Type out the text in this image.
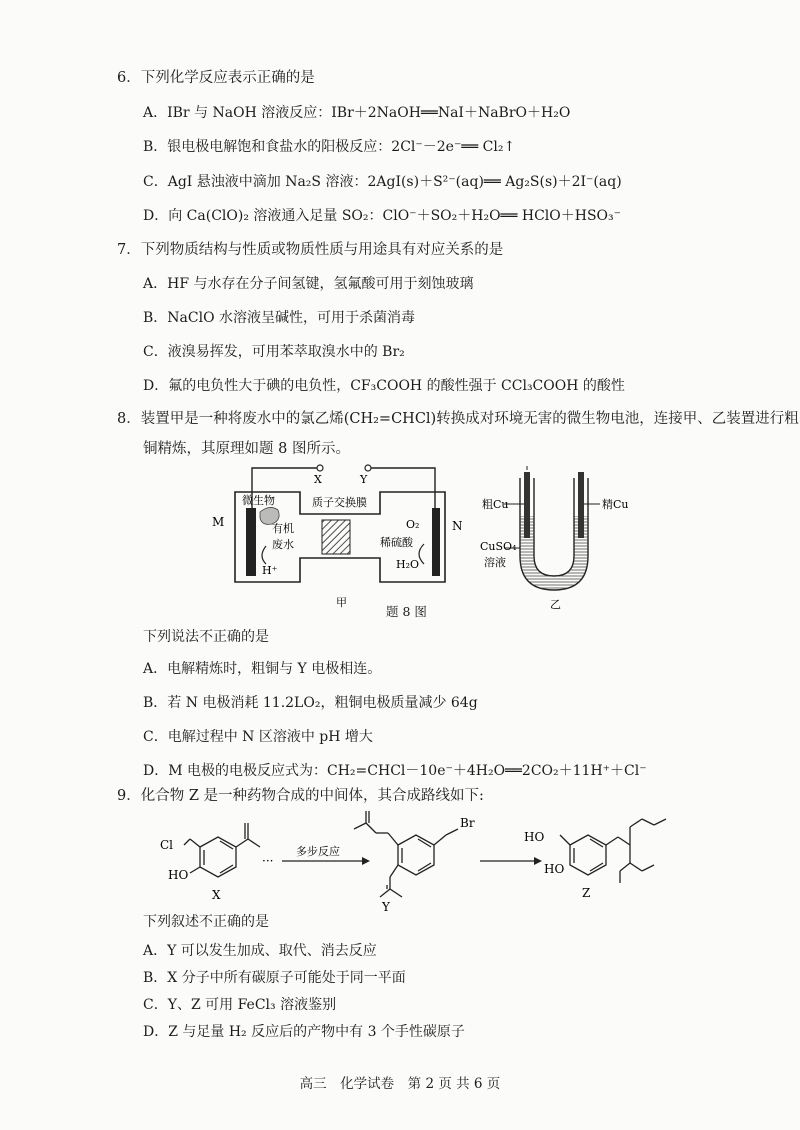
6．下列化学反应表示正确的是
A．IBr 与 NaOH 溶液反应：IBr＋2NaOH══NaI＋NaBrO＋H₂O
B．银电极电解饱和食盐水的阳极反应：2Cl⁻－2e⁻══ Cl₂↑
C．AgI 悬浊液中滴加 Na₂S 溶液：2AgI(s)＋S²⁻(aq)══ Ag₂S(s)＋2I⁻(aq)
D．向 Ca(ClO)₂ 溶液通入足量 SO₂：ClO⁻＋SO₂＋H₂O══ HClO＋HSO₃⁻
7．下列物质结构与性质或物质性质与用途具有对应关系的是
A．HF 与水存在分子间氢键，氢氟酸可用于刻蚀玻璃
B．NaClO 水溶液呈碱性，可用于杀菌消毒
C．液溴易挥发，可用苯萃取溴水中的 Br₂
D．氟的电负性大于碘的电负性，CF₃COOH 的酸性强于 CCl₃COOH 的酸性
8．装置甲是一种将废水中的氯乙烯(CH₂=CHCl)转换成对环境无害的微生物电池，连接甲、乙装置进行粗
铜精炼，其原理如题 8 图所示。
X	Y
微生物
M	N
有机
废水
H⁺
质子交换膜
O₂
稀硫酸
H₂O
甲
题 8 图
粗Cu	精Cu
CuSO₄
溶液
乙
下列说法不正确的是
A．电解精炼时，粗铜与 Y 电极相连。
B．若 N 电极消耗 11.2LO₂，粗铜电极质量减少 64g
C．电解过程中 N 区溶液中 pH 增大
D．M 电极的电极反应式为：CH₂=CHCl－10e⁻＋4H₂O══2CO₂＋11H⁺＋Cl⁻
9．化合物 Z 是一种药物合成的中间体，其合成路线如下:
Cl
HO
X
···
多步反应
Br
Y
HO
HO
Z
下列叙述不正确的是
A．Y 可以发生加成、取代、消去反应
B．X 分子中所有碳原子可能处于同一平面
C．Y、Z 可用 FeCl₃ 溶液鉴别
D．Z 与足量 H₂ 反应后的产物中有 3 个手性碳原子
高三　化学试卷　第 2 页 共 6 页
